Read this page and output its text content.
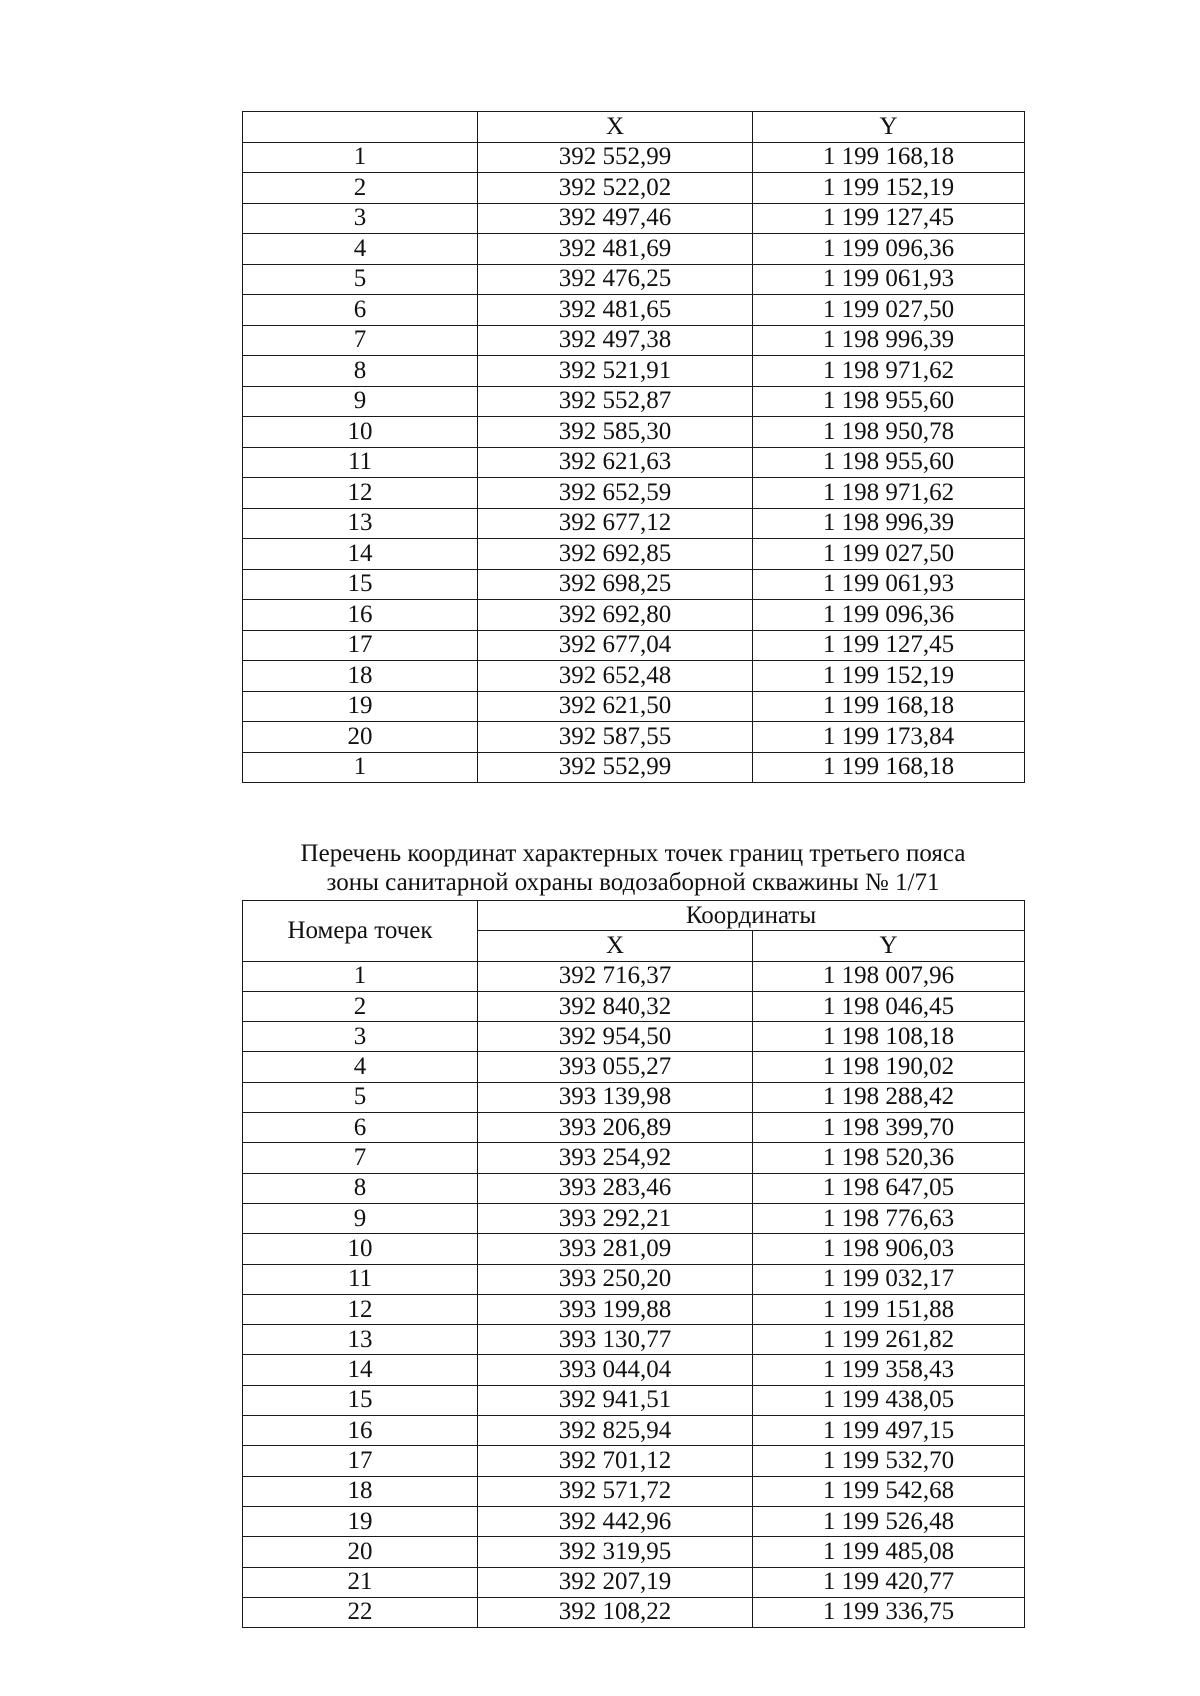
	X	Y
1	392 552,99	1 199 168,18
2	392 522,02	1 199 152,19
3	392 497,46	1 199 127,45
4	392 481,69	1 199 096,36
5	392 476,25	1 199 061,93
6	392 481,65	1 199 027,50
7	392 497,38	1 198 996,39
8	392 521,91	1 198 971,62
9	392 552,87	1 198 955,60
10	392 585,30	1 198 950,78
11	392 621,63	1 198 955,60
12	392 652,59	1 198 971,62
13	392 677,12	1 198 996,39
14	392 692,85	1 199 027,50
15	392 698,25	1 199 061,93
16	392 692,80	1 199 096,36
17	392 677,04	1 199 127,45
18	392 652,48	1 199 152,19
19	392 621,50	1 199 168,18
20	392 587,55	1 199 173,84
1	392 552,99	1 199 168,18
Перечень координат характерных точек границ третьего пояса
зоны санитарной охраны водозаборной скважины № 1/71
Номера точек	Координаты	
	X	Y
1	392 716,37	1 198 007,96
2	392 840,32	1 198 046,45
3	392 954,50	1 198 108,18
4	393 055,27	1 198 190,02
5	393 139,98	1 198 288,42
6	393 206,89	1 198 399,70
7	393 254,92	1 198 520,36
8	393 283,46	1 198 647,05
9	393 292,21	1 198 776,63
10	393 281,09	1 198 906,03
11	393 250,20	1 199 032,17
12	393 199,88	1 199 151,88
13	393 130,77	1 199 261,82
14	393 044,04	1 199 358,43
15	392 941,51	1 199 438,05
16	392 825,94	1 199 497,15
17	392 701,12	1 199 532,70
18	392 571,72	1 199 542,68
19	392 442,96	1 199 526,48
20	392 319,95	1 199 485,08
21	392 207,19	1 199 420,77
22	392 108,22	1 199 336,75
